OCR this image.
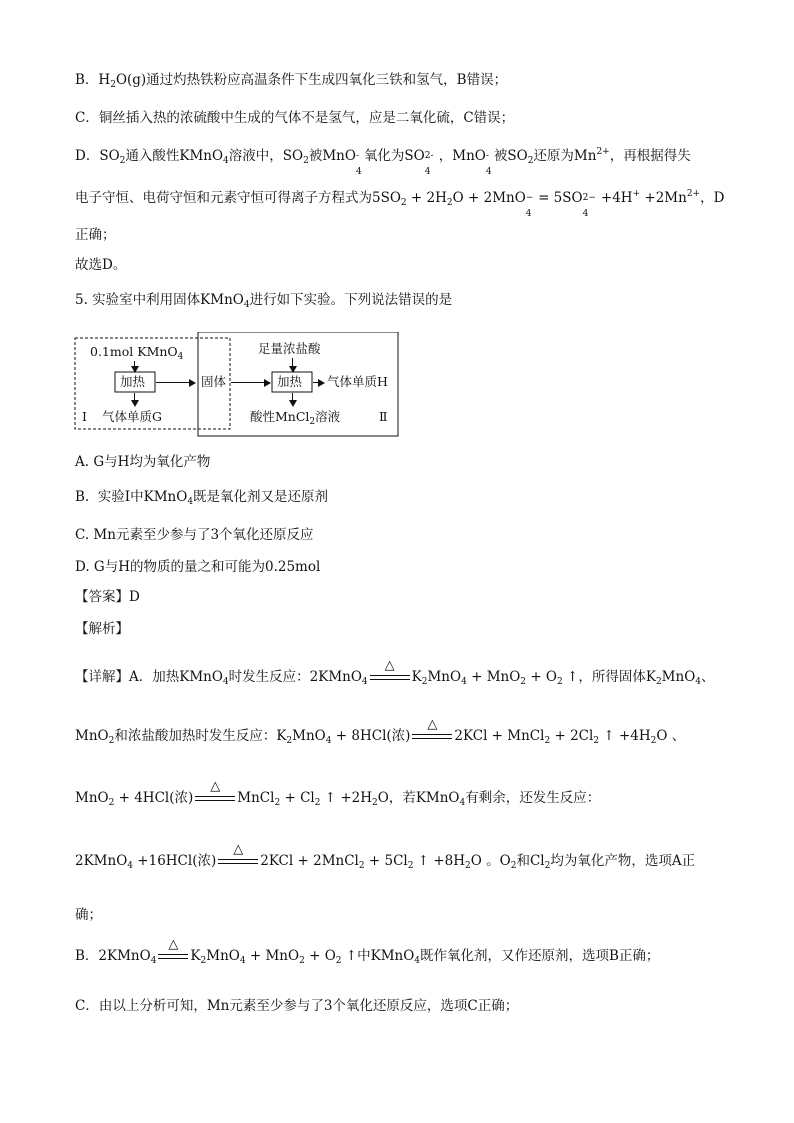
B．$H_2O(g)$通过灼热铁粉应高温条件下生成四氧化三铁和氢气，B错误；
C．铜丝插入热的浓硫酸中生成的气体不是氢气，应是二氧化硫，C错误；
D．$SO_2$通入酸性KMnO$_4$溶液中，$SO_2$被MnO -
4
氧化为SO 2-
4
，MnO -
4
被$SO_2$还原为$Mn^{2+}$，再根据得失
电子守恒、电荷守恒和元素守恒可得离子方程式为$5SO_2 + 2H_2O + 2MnO$ −
4
= 5SO 2−
4
$+4H^+ +2Mn^{2+}$，D
正确；
故选D。
5. 实验室中利用固体KMnO$_4$进行如下实验。下列说法错误的是
A. G与H均为氧化产物
B.  实验Ⅰ中KMnO$_4$既是氧化剂又是还原剂
C. Mn元素至少参与了3个氧化还原反应
D. G与H的物质的量之和可能为0.25mol
【答案】D
【解析】
【详解】A．加热KMnO$_4$时发生反应：2KMnO$_4$
△
$K_2MnO_4 + MnO_2 + O_2$ ↑，所得固体$K_2MnO_4$、
MnO$_2$和浓盐酸加热时发生反应：$K_2MnO_4 + 8HCl$(浓)
△
2KCl + MnCl$_2$ + $2Cl_2$ ↑ $+4H_2O$ 、
MnO$_2$ + 4HCl(浓)
△
MnCl$_2$ + $Cl_2$ ↑ $+2H_2O$，若KMnO$_4$有剩余，还发生反应：
2KMnO$_4$ +16HCl(浓)
△
2KCl + 2MnCl$_2$ + $5Cl_2$ ↑ $+8H_2O$ 。$O_2$和$Cl_2$均为氧化产物，选项A正
确；
B．2KMnO$_4$
△
$K_2MnO_4 + MnO_2 + O_2$ ↑中KMnO$_4$既作氧化剂，又作还原剂，选项B正确；
C．由以上分析可知，Mn元素至少参与了3个氧化还原反应，选项C正确；
0.1mol KMnO$_4$
加热	固体
Ⅰ 气体单质G
足量浓盐酸
加热 气体单质H
酸性MnCl$_2$溶液	Ⅱ
